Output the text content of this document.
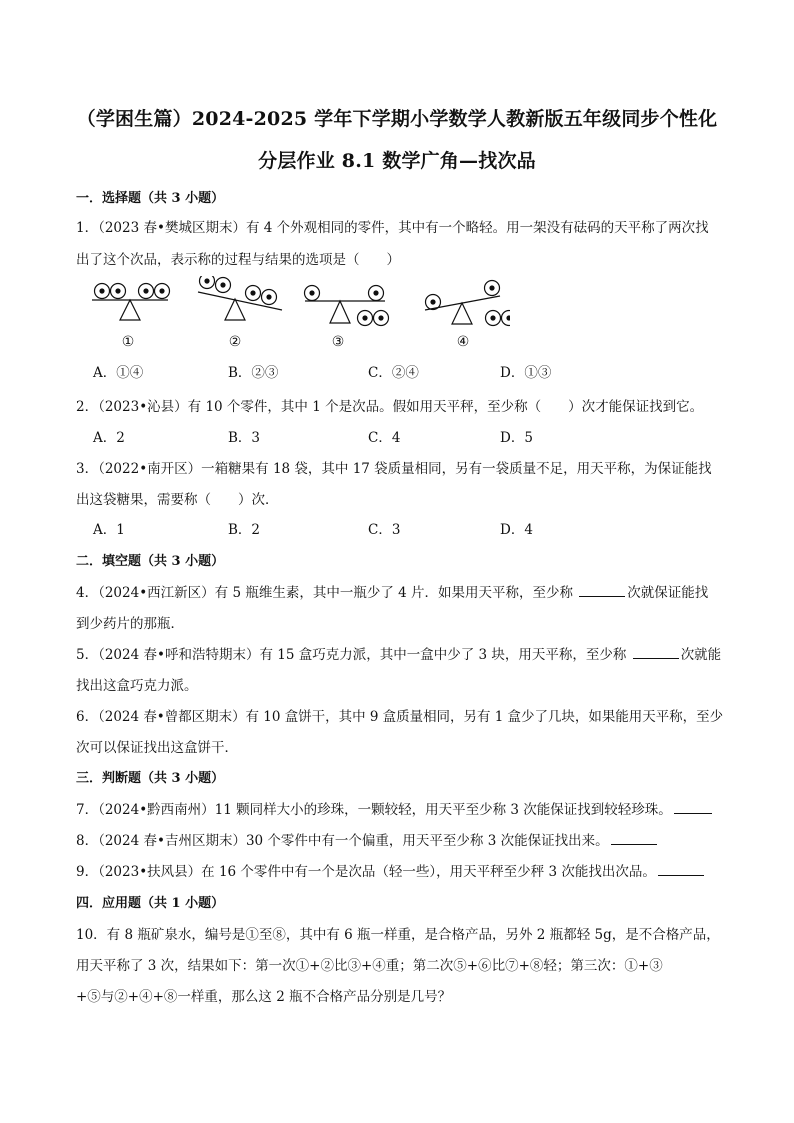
（学困生篇）2024-2025 学年下学期小学数学人教新版五年级同步个性化
分层作业 8.1 数学广角—找次品
一．选择题（共 3 小题）
1．（2023 春•樊城区期末）有 4 个外观相同的零件，其中有一个略轻。用一架没有砝码的天平称了两次找
出了这个次品，表示称的过程与结果的选项是（　　）
①	②	③	④
A．①④	B．②③	C．②④	D．①③
2．（2023•沁县）有 10 个零件，其中 1 个是次品。假如用天平秤，至少称（　　）次才能保证找到它。
A．2	B．3	C．4	D．5
3．（2022•南开区）一箱糖果有 18 袋，其中 17 袋质量相同，另有一袋质量不足，用天平称，为保证能找
出这袋糖果，需要称（　　）次．
A．1	B．2	C．3	D．4
二．填空题（共 3 小题）
4．（2024•西江新区）有 5 瓶维生素，其中一瓶少了 4 片．如果用天平称，至少称	次就保证能找
到少药片的那瓶．
5．（2024 春•呼和浩特期末）有 15 盒巧克力派，其中一盒中少了 3 块，用天平称，至少称	次就能
找出这盒巧克力派。
6．（2024 春•曾都区期末）有 10 盒饼干，其中 9 盒质量相同，另有 1 盒少了几块，如果能用天平称，至少
次可以保证找出这盒饼干．
三．判断题（共 3 小题）
7．（2024•黔西南州）11 颗同样大小的珍珠，一颗较轻，用天平至少称 3 次能保证找到较轻珍珠。
8．（2024 春•吉州区期末）30 个零件中有一个偏重，用天平至少称 3 次能保证找出来。
9．（2023•扶风县）在 16 个零件中有一个是次品（轻一些），用天平秤至少秤 3 次能找出次品。
四．应用题（共 1 小题）
10．有 8 瓶矿泉水，编号是①至⑧，其中有 6 瓶一样重，是合格产品，另外 2 瓶都轻 5g，是不合格产品，
用天平称了 3 次，结果如下：第一次①+②比③+④重；第二次⑤+⑥比⑦+⑧轻；第三次：①+③
+⑤与②+④+⑧一样重，那么这 2 瓶不合格产品分别是几号？
